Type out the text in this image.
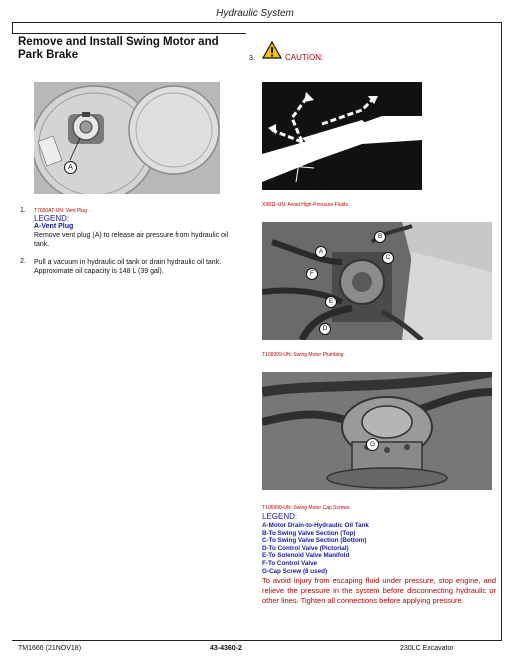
Hydraulic System
Remove and Install Swing Motor and Park Brake
A
1. T7650AT-UN: Vent Plug
LEGEND:
A-Vent Plug
Remove vent plug (A) to release air pressure from hydraulic oil tank.
2. Pull a vacuum in hydraulic oil tank or drain hydraulic oil tank. Approximate oil capacity is 148 L (39 gal).
3.	CAUTION:
X9811-UN: Avoid High-Pressure Fluids
A
B
C
D
E
F
T106999-UN: Swing Motor Plumbing
G
T106990-UN: Swing Motor Cap Screws
LEGEND:
A-Motor Drain-to-Hydraulic Oil Tank
B-To Swing Valve Section (Top)
C-To Swing Valve Section (Bottom)
D-To Control Valve (Pictorial)
E-To Solenoid Valve Manifold
F-To Control Valve
G-Cap Screw (8 used)
To avoid injury from escaping fluid under pressure, stop engine, and relieve the pressure in the system before disconnecting hydraulic or other lines. Tighten all connections before applying pressure.
TM1666 (21NOV18)	43-4360-2	230LC Excavator
